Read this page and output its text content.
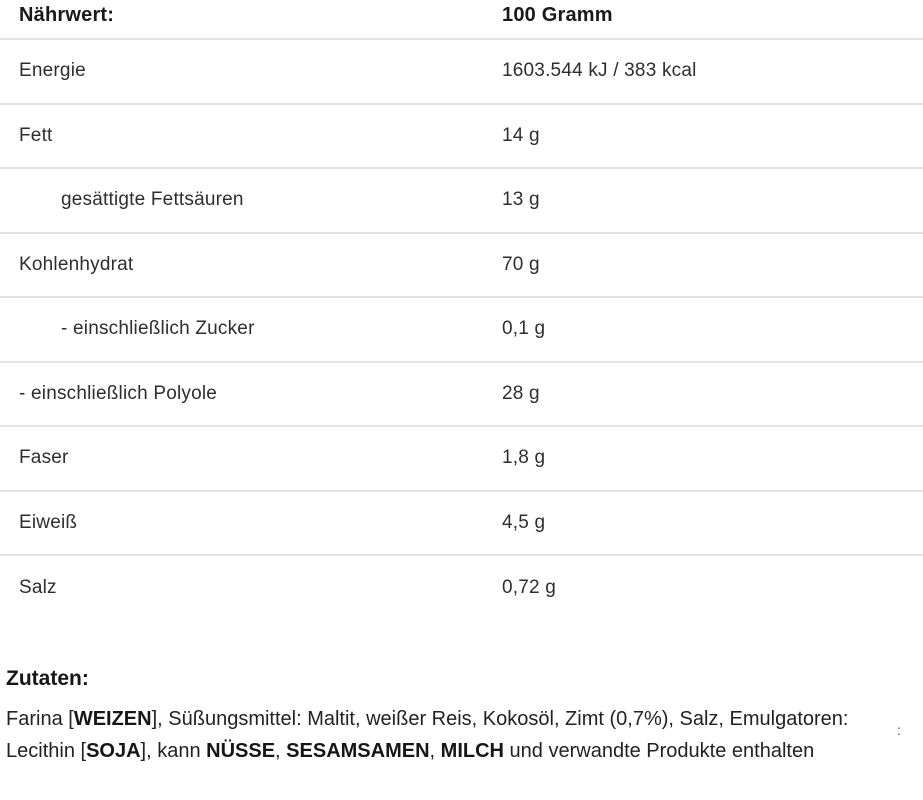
Nährwert:	100 Gramm
Energie	1603.544 kJ / 383 kcal
Fett	14 g
gesättigte Fettsäuren	13 g
Kohlenhydrat	70 g
- einschließlich Zucker	0,1 g
- einschließlich Polyole	28 g
Faser	1,8 g
Eiweiß	4,5 g
Salz	0,72 g
Zutaten:
Farina [WEIZEN], Süßungsmittel: Maltit, weißer Reis, Kokosöl, Zimt (0,7%), Salz, Emulgatoren: Lecithin [SOJA], kann NÜSSE, SESAMSAMEN, MILCH und verwandte Produkte enthalten
:
